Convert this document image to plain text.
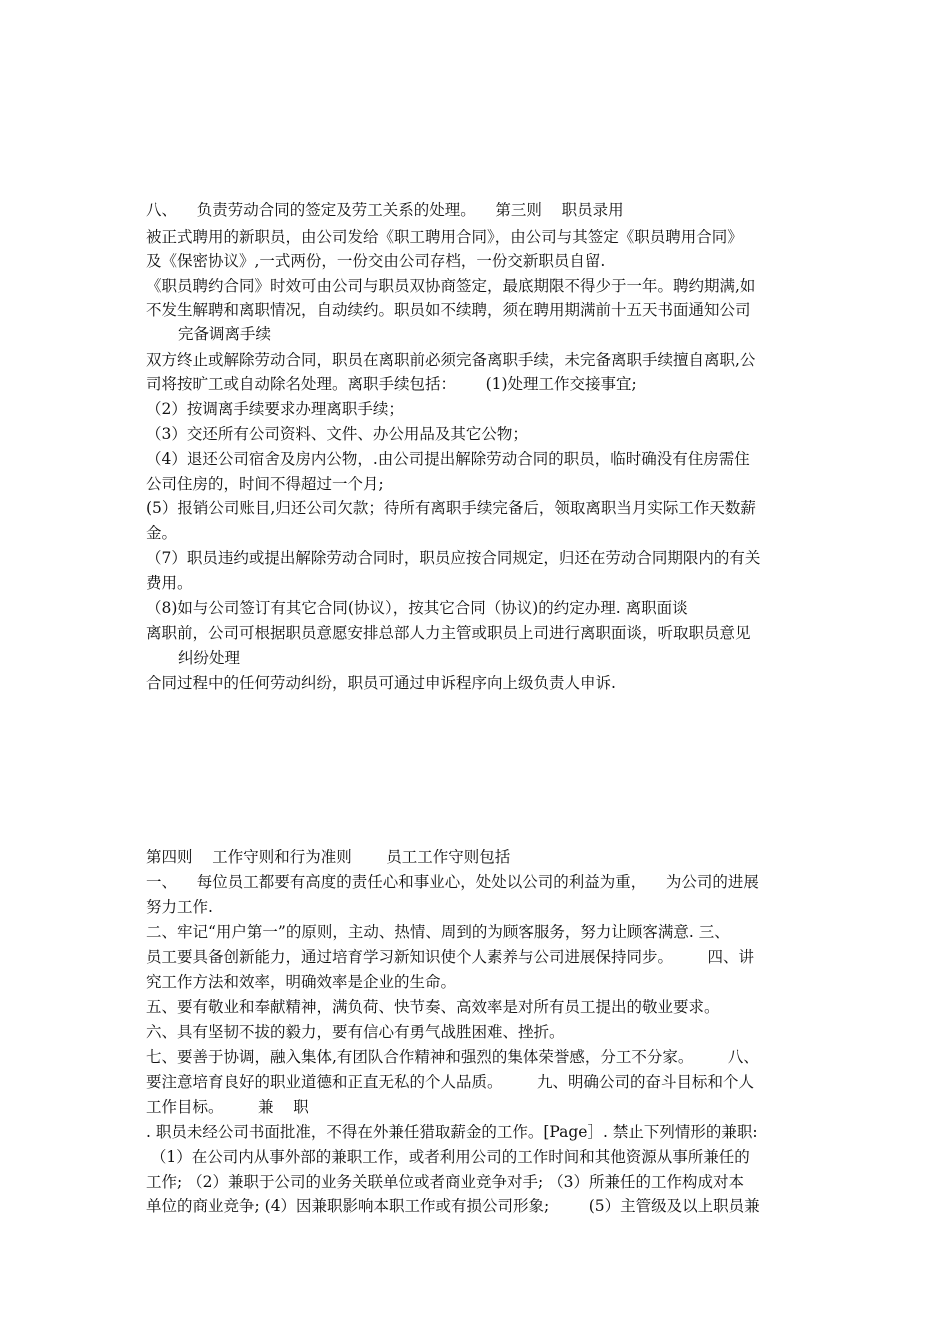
八、    负责劳动合同的签定及劳工关系的处理。    第三则    职员录用
被正式聘用的新职员，由公司发给《职工聘用合同》，由公司与其签定《职员聘用合同》
及《保密协议》,一式两份，一份交由公司存档，一份交新职员自留.
《职员聘约合同》时效可由公司与职员双协商签定，最底期限不得少于一年。聘约期满,如
不发生解聘和离职情况，自动续约。职员如不续聘，须在聘用期满前十五天书面通知公司
完备调离手续
双方终止或解除劳动合同，职员在离职前必须完备离职手续，未完备离职手续擅自离职,公
司将按旷工或自动除名处理。离职手续包括：      (1)处理工作交接事宜;
（2）按调离手续要求办理离职手续；
（3）交还所有公司资料、文件、办公用品及其它公物；
（4）退还公司宿舍及房内公物，.由公司提出解除劳动合同的职员，临时确没有住房需住
公司住房的，时间不得超过一个月;
(5）报销公司账目,归还公司欠款；待所有离职手续完备后，领取离职当月实际工作天数薪
金。
（7）职员违约或提出解除劳动合同时，职员应按合同规定，归还在劳动合同期限内的有关
费用。
（8)如与公司签订有其它合同(协议），按其它合同（协议)的约定办理. 离职面谈
离职前，公司可根据职员意愿安排总部人力主管或职员上司进行离职面谈，听取职员意见
纠纷处理
合同过程中的任何劳动纠纷，职员可通过申诉程序向上级负责人申诉.
第四则    工作守则和行为准则       员工工作守则包括
一、    每位员工都要有高度的责任心和事业心，处处以公司的利益为重，    为公司的进展
努力工作.
二、牢记“用户第一”的原则，主动、热情、周到的为顾客服务，努力让顾客满意. 三、
员工要具备创新能力，通过培育学习新知识使个人素养与公司进展保持同步。       四、讲
究工作方法和效率，明确效率是企业的生命。
五、要有敬业和奉献精神，满负荷、快节奏、高效率是对所有员工提出的敬业要求。
六、具有坚韧不拔的毅力，要有信心有勇气战胜困难、挫折。
七、要善于协调，融入集体,有团队合作精神和强烈的集体荣誉感，分工不分家。       八、
要注意培育良好的职业道德和正直无私的个人品质。       九、明确公司的奋斗目标和个人
工作目标。       兼    职
. 职员未经公司书面批准，不得在外兼任猎取薪金的工作。[Page］. 禁止下列情形的兼职:
（1）在公司内从事外部的兼职工作，或者利用公司的工作时间和其他资源从事所兼任的
工作; （2）兼职于公司的业务关联单位或者商业竞争对手; （3）所兼任的工作构成对本
单位的商业竞争; (4）因兼职影响本职工作或有损公司形象;        (5）主管级及以上职员兼
